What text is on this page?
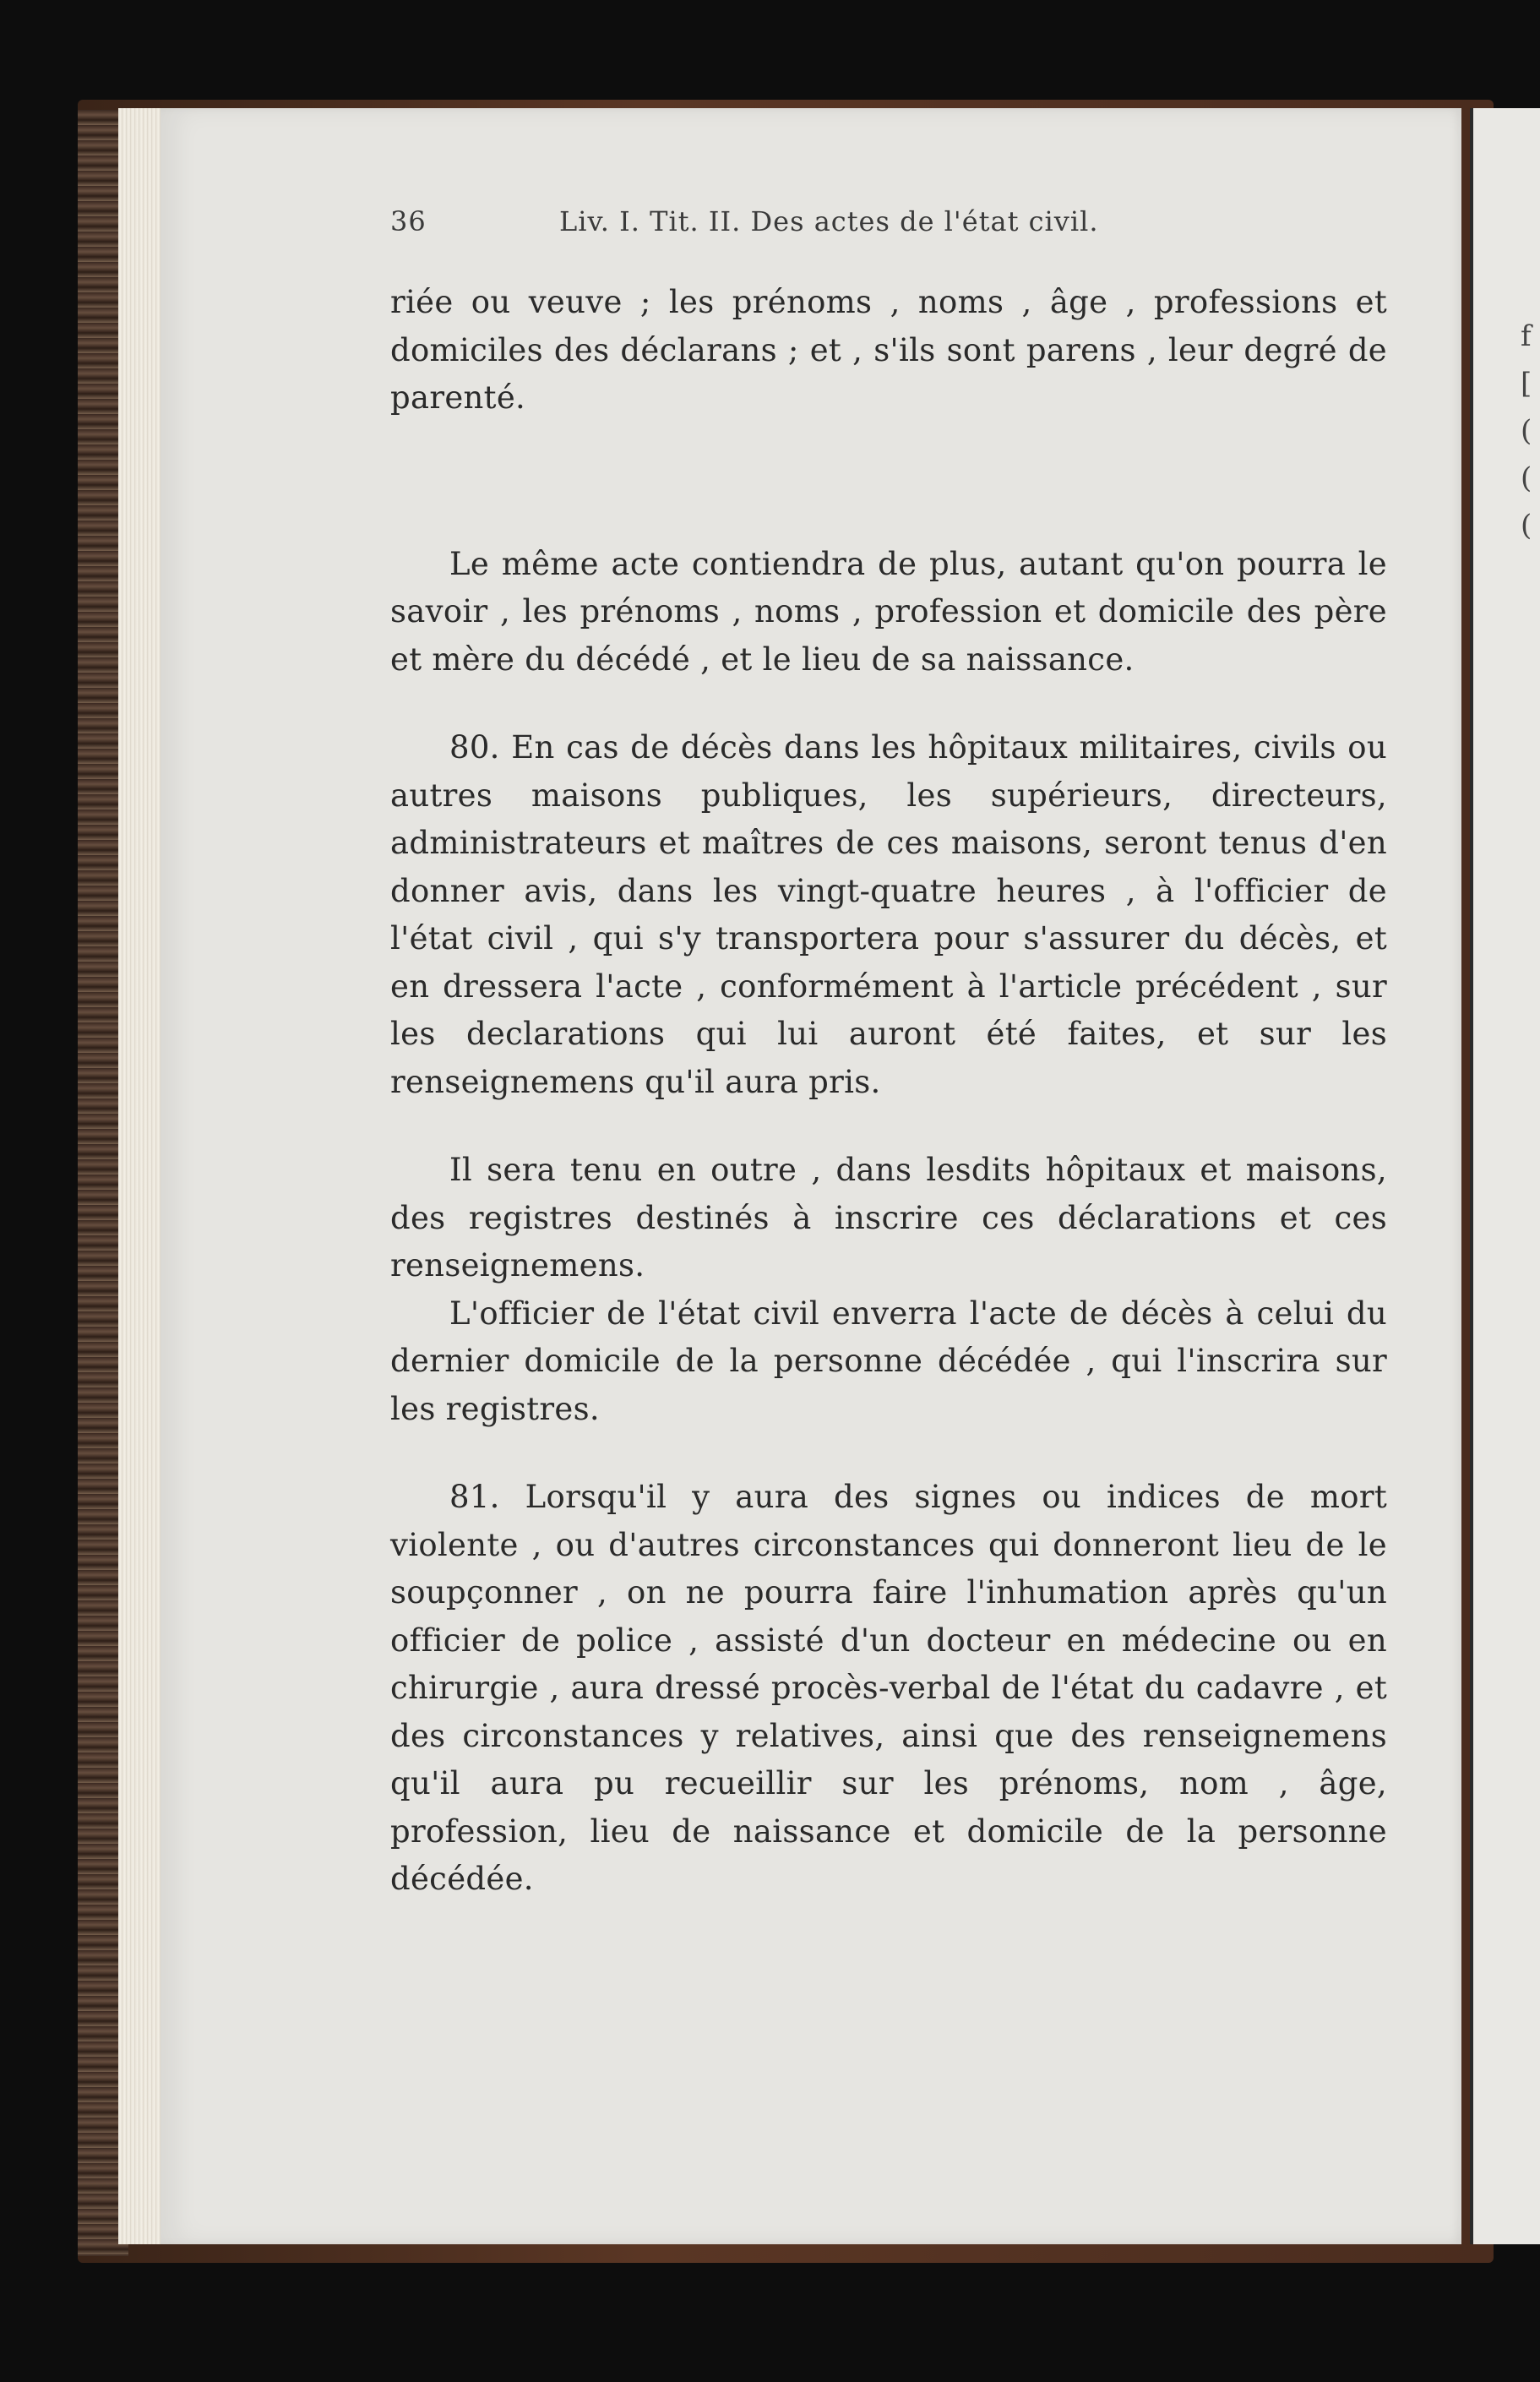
f
[
(
(
(
36	Liv. I. Tit. II. Des actes de l'état civil.

riée ou veuve ; les prénoms , noms , âge , professions et domiciles des déclarans ; et , s'ils sont parens , leur degré de parenté.

Le même acte contiendra de plus, autant qu'on pourra le savoir , les prénoms , noms , profession et domicile des père et mère du décédé , et le lieu de sa naissance.

80. En cas de décès dans les hôpitaux militaires, civils ou autres maisons publiques, les supérieurs, directeurs, administrateurs et maîtres de ces maisons, seront tenus d'en donner avis, dans les vingt-quatre heures , à l'officier de l'état civil , qui s'y transportera pour s'assurer du décès, et en dressera l'acte , conformément à l'article précédent , sur les declarations qui lui auront été faites, et sur les renseignemens qu'il aura pris.

Il sera tenu en outre , dans lesdits hôpitaux et maisons, des registres destinés à inscrire ces déclarations et ces renseignemens.

L'officier de l'état civil enverra l'acte de décès à celui du dernier domicile de la personne décédée , qui l'inscrira sur les registres.

81. Lorsqu'il y aura des signes ou indices de mort violente , ou d'autres circonstances qui donneront lieu de le soupçonner , on ne pourra faire l'inhumation après qu'un officier de police , assisté d'un docteur en médecine ou en chirurgie , aura dressé procès-verbal de l'état du cadavre , et des circonstances y relatives, ainsi que des renseignemens qu'il aura pu recueillir sur les prénoms, nom , âge, profession, lieu de naissance et domicile de la personne décédée.
